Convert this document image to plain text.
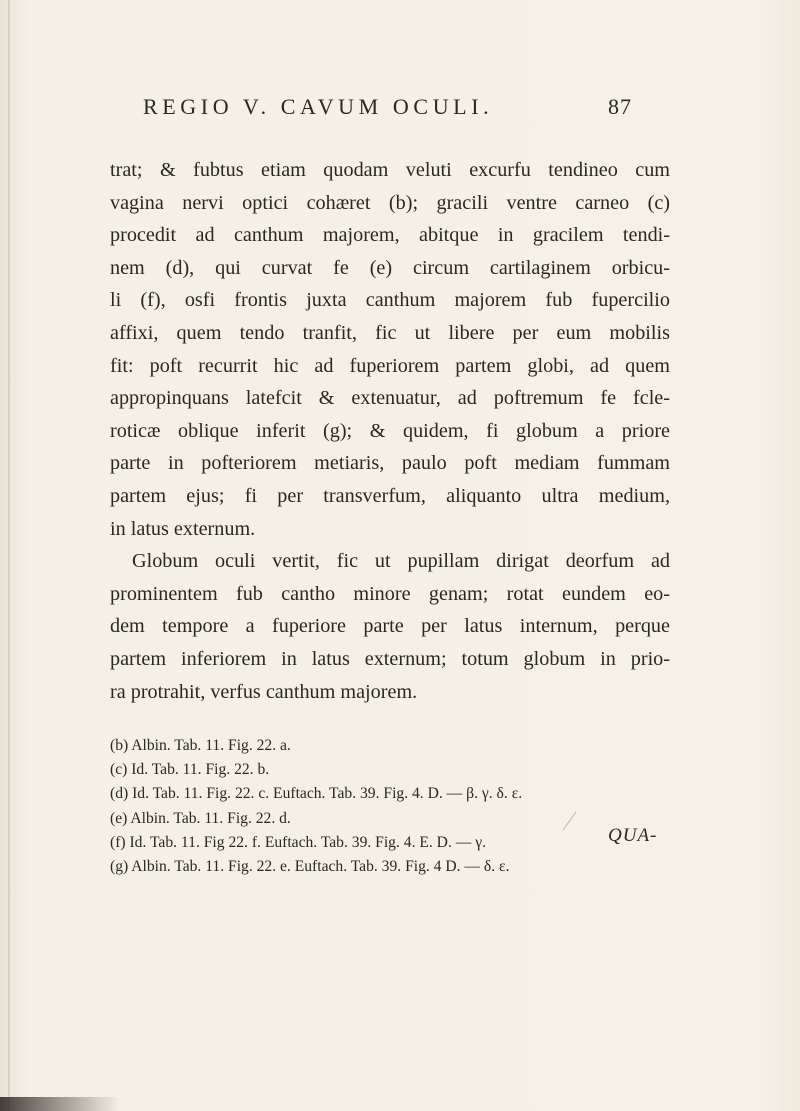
REGIO V. CAVUM OCULI.	87
trat; & fubtus etiam quodam veluti excurfu tendineo cum
vagina nervi optici cohæret (b); gracili ventre carneo (c)
procedit ad canthum majorem, abitque in gracilem tendi-
nem (d), qui curvat fe (e) circum cartilaginem orbicu-
li (f), osfi frontis juxta canthum majorem fub fupercilio
affixi, quem tendo tranfit, fic ut libere per eum mobilis
fit: poft recurrit hic ad fuperiorem partem globi, ad quem
appropinquans latefcit & extenuatur, ad poftremum fe fcle-
roticæ oblique inferit (g); & quidem, fi globum a priore
parte in pofteriorem metiaris, paulo poft mediam fummam
partem ejus; fi per transverfum, aliquanto ultra medium,
in latus externum.
Globum oculi vertit, fic ut pupillam dirigat deorfum ad
prominentem fub cantho minore genam; rotat eundem eo-
dem tempore a fuperiore parte per latus internum, perque
partem inferiorem in latus externum; totum globum in prio-
ra protrahit, verfus canthum majorem.
(b) Albin. Tab. 11. Fig. 22. a.
(c) Id. Tab. 11. Fig. 22. b.
(d) Id. Tab. 11. Fig. 22. c. Euftach. Tab. 39. Fig. 4. D. — β. γ. δ. ε.
(e) Albin. Tab. 11. Fig. 22. d.
(f) Id. Tab. 11. Fig 22. f. Euftach. Tab. 39. Fig. 4. E. D. — γ.
(g) Albin. Tab. 11. Fig. 22. e. Euftach. Tab. 39. Fig. 4 D. — δ. ε.
QUA-
